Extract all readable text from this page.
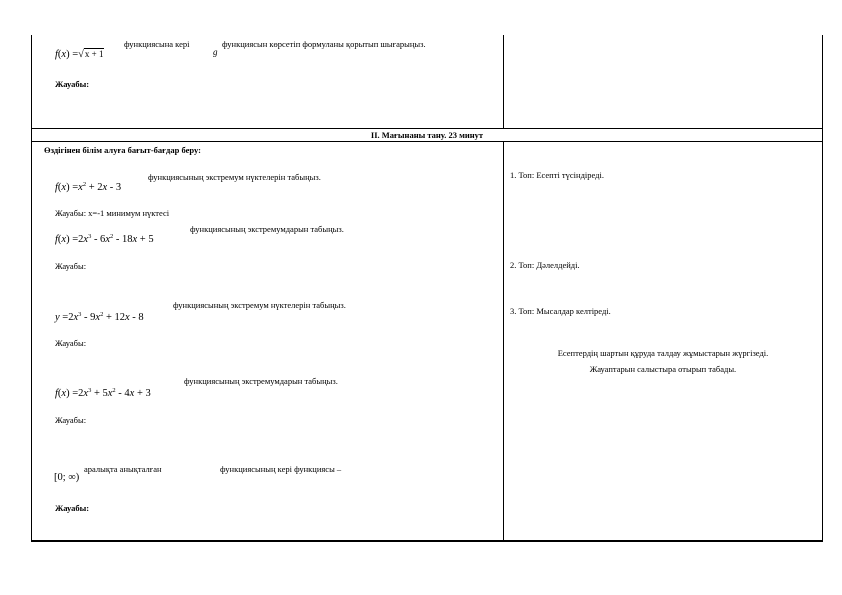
f(x) =√x + 1
функциясына кері
g
функциясын көрсетіп формуланы қорытып шығарыңыз.
Жауабы:
II. Мағынаны тану. 23 минут
Өздігінен білім алуға бағыт-бағдар беру:
$f(x) =x^2 + 2x - 3$
функциясының экстремум нүктелерін табыңыз.
Жауабы: x=-1 минимум нүктесі
$f(x) =2x^3 - 6x^2 - 18x + 5$
функциясының экстремумдарын табыңыз.
Жауабы:
$y =2x^3 - 9x^2 + 12x - 8$
функциясының экстремум нүктелерін табыңыз.
Жауабы:
$f(x) =2x^3 + 5x^2 - 4x + 3$
функциясының экстремумдарын табыңыз.
Жауабы:
[0; ∞)
аралықта анықталған	функциясының кері функциясы –
Жауабы:
1. Топ: Есепті түсіндіреді.
2. Топ: Дәлелдейді.
3. Топ: Мысалдар келтіреді.
Есептердің шартын құруда талдау жұмыстарын жүргізеді.
Жауаптарын салыстыра отырып табады.
